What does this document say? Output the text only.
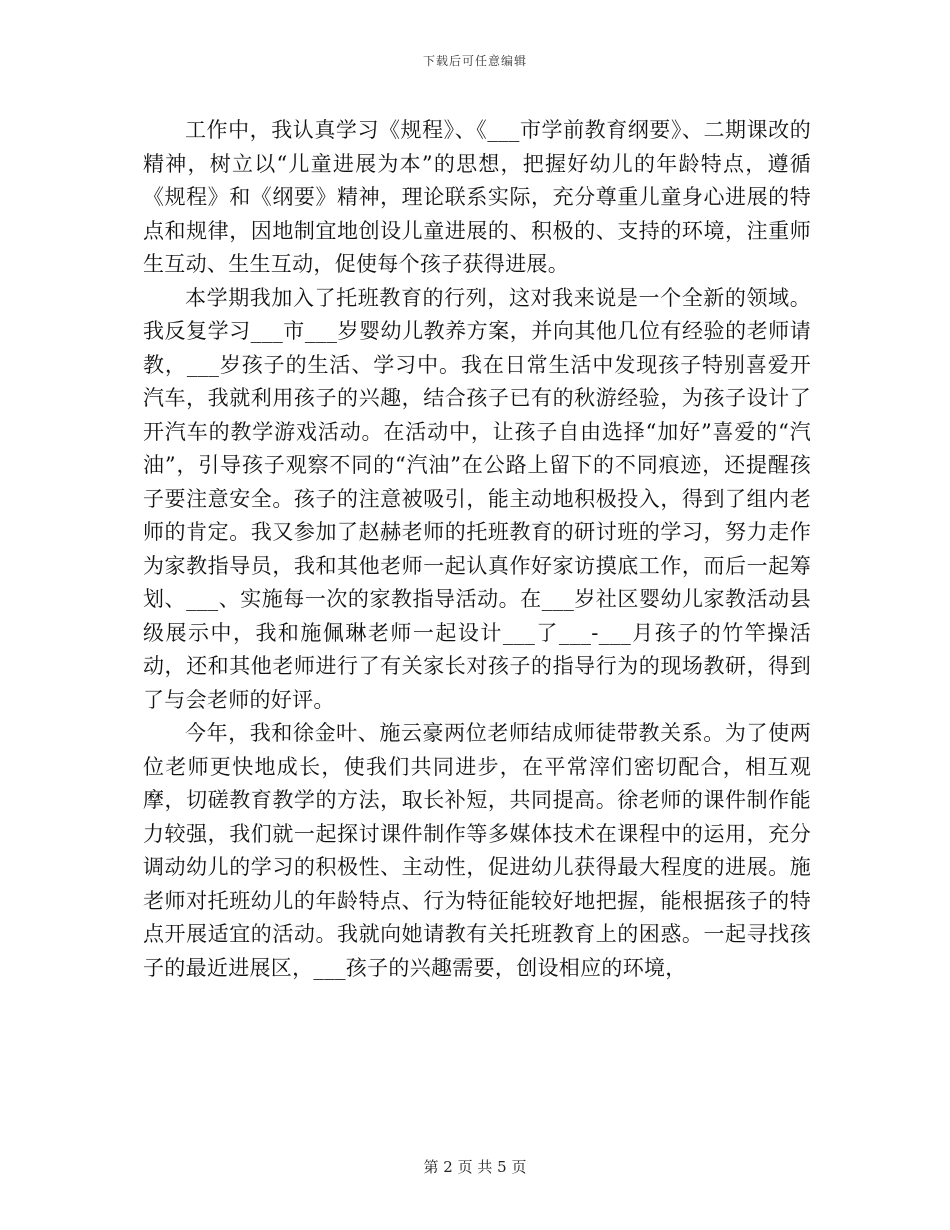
下载后可任意编辑

工作中，我认真学习《规程》、《___市学前教育纲要》、二期课改的精神，树立以“儿童进展为本”的思想，把握好幼儿的年龄特点，遵循《规程》和《纲要》精神，理论联系实际，充分尊重儿童身心进展的特点和规律，因地制宜地创设儿童进展的、积极的、支持的环境，注重师生互动、生生互动，促使每个孩子获得进展。

本学期我加入了托班教育的行列，这对我来说是一个全新的领域。我反复学习___市___岁婴幼儿教养方案，并向其他几位有经验的老师请教，___岁孩子的生活、学习中。我在日常生活中发现孩子特别喜爱开汽车，我就利用孩子的兴趣，结合孩子已有的秋游经验，为孩子设计了开汽车的教学游戏活动。在活动中，让孩子自由选择“加好”喜爱的“汽油”，引导孩子观察不同的“汽油”在公路上留下的不同痕迹，还提醒孩子要注意安全。孩子的注意被吸引，能主动地积极投入，得到了组内老师的肯定。我又参加了赵赫老师的托班教育的研讨班的学习，努力走作为家教指导员，我和其他老师一起认真作好家访摸底工作，而后一起筹划、___、实施每一次的家教指导活动。在___岁社区婴幼儿家教活动县级展示中，我和施佩琳老师一起设计___了___-___月孩子的竹竿操活动，还和其他老师进行了有关家长对孩子的指导行为的现场教研，得到了与会老师的好评。

今年，我和徐金叶、施云豪两位老师结成师徒带教关系。为了使两位老师更快地成长，使我们共同进步，在平常滓们密切配合，相互观摩，切磋教育教学的方法，取长补短，共同提高。徐老师的课件制作能力较强，我们就一起探讨课件制作等多媒体技术在课程中的运用，充分调动幼儿的学习的积极性、主动性，促进幼儿获得最大程度的进展。施老师对托班幼儿的年龄特点、行为特征能较好地把握，能根据孩子的特点开展适宜的活动。我就向她请教有关托班教育上的困惑。一起寻找孩子的最近进展区，___孩子的兴趣需要，创设相应的环境，

第 2 页 共 5 页
